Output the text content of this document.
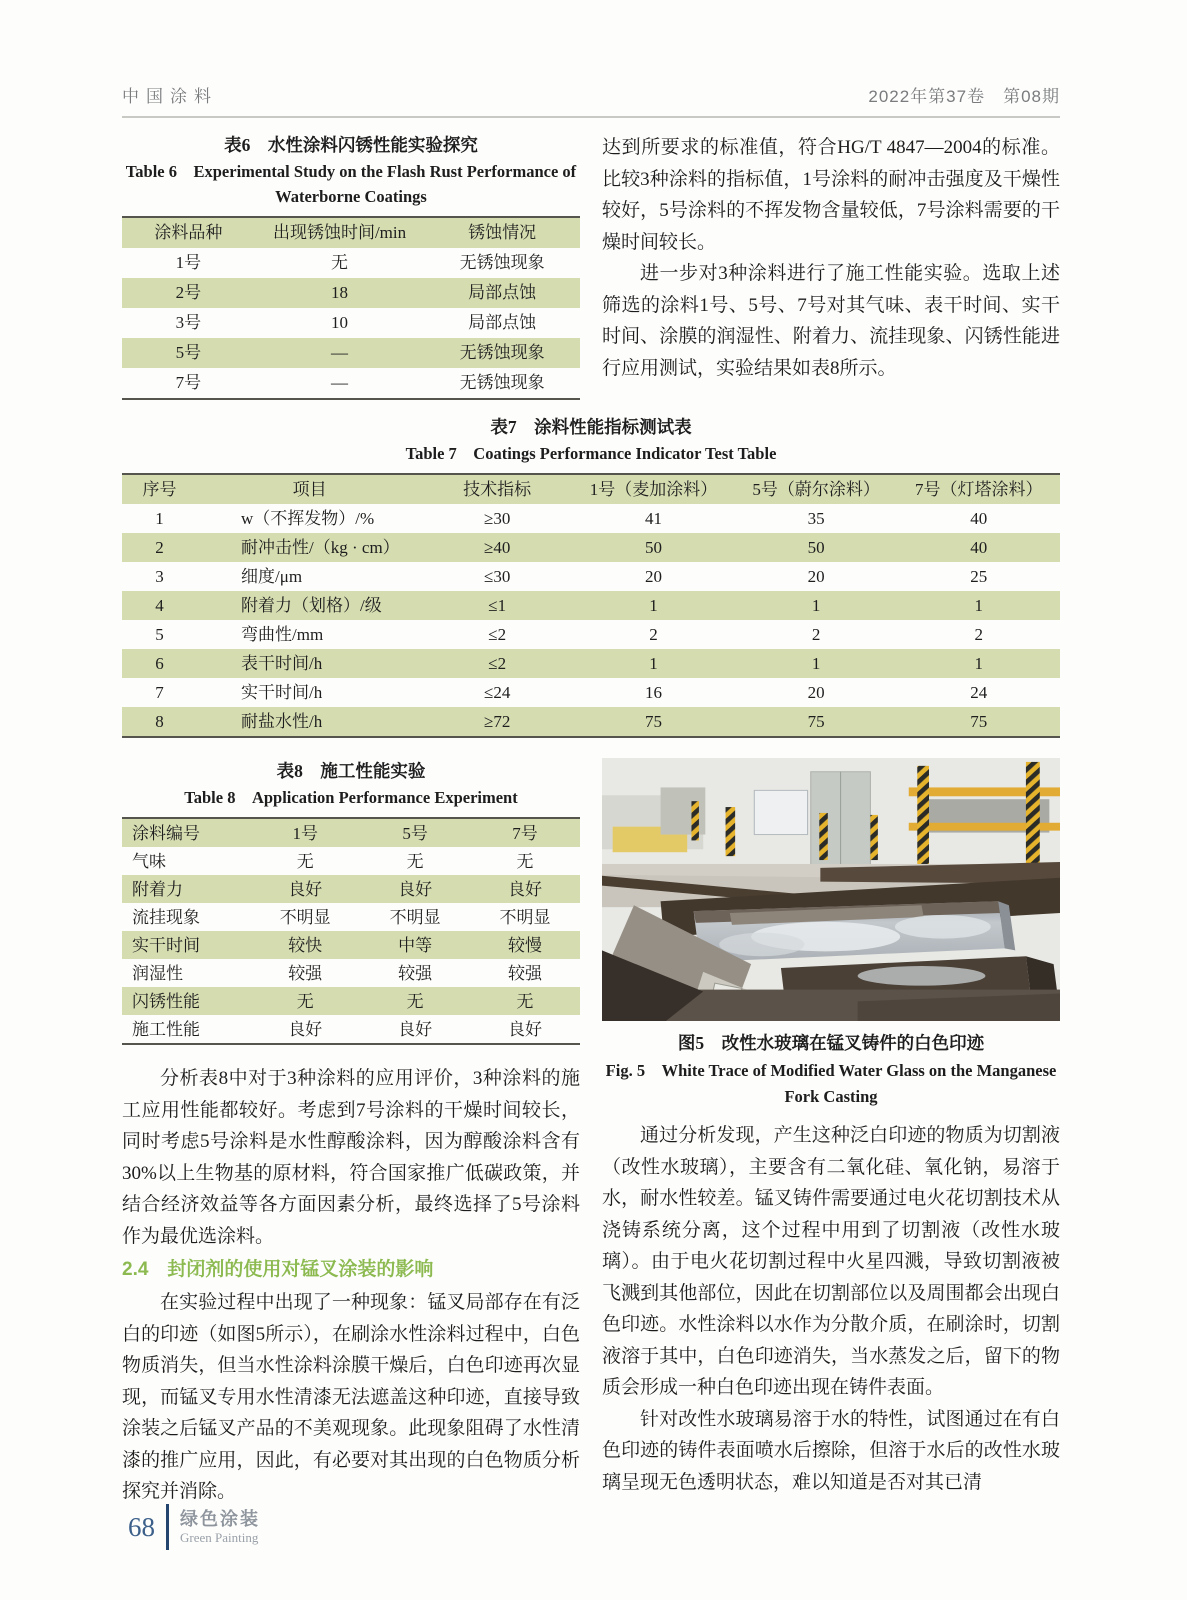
中国涂料	2022年第37卷　第08期
表6　水性涂料闪锈性能实验探究
Table 6　Experimental Study on the Flash Rust Performance of Waterborne Coatings
涂料品种	出现锈蚀时间/min	锈蚀情况
1号	无	无锈蚀现象
2号	18	局部点蚀
3号	10	局部点蚀
5号	—	无锈蚀现象
7号	—	无锈蚀现象

达到所要求的标准值，符合HG/T 4847—2004的标准。比较3种涂料的指标值，1号涂料的耐冲击强度及干燥性较好，5号涂料的不挥发物含量较低，7号涂料需要的干燥时间较长。

进一步对3种涂料进行了施工性能实验。选取上述筛选的涂料1号、5号、7号对其气味、表干时间、实干时间、涂膜的润湿性、附着力、流挂现象、闪锈性能进行应用测试，实验结果如表8所示。

表7　涂料性能指标测试表
Table 7　Coatings Performance Indicator Test Table
序号	项目	技术指标	1号（麦加涂料）	5号（蔚尔涂料）	7号（灯塔涂料）
1	w（不挥发物）/%	≥30	41	35	40
2	耐冲击性/（kg · cm）	≥40	50	50	40
3	细度/μm	≤30	20	20	25
4	附着力（划格）/级	≤1	1	1	1
5	弯曲性/mm	≤2	2	2	2
6	表干时间/h	≤2	1	1	1
7	实干时间/h	≤24	16	20	24
8	耐盐水性/h	≥72	75	75	75
表8　施工性能实验
Table 8　Application Performance Experiment
涂料编号	1号	5号	7号
气味	无	无	无
附着力	良好	良好	良好
流挂现象	不明显	不明显	不明显
实干时间	较快	中等	较慢
润湿性	较强	较强	较强
闪锈性能	无	无	无
施工性能	良好	良好	良好

分析表8中对于3种涂料的应用评价，3种涂料的施工应用性能都较好。考虑到7号涂料的干燥时间较长，同时考虑5号涂料是水性醇酸涂料，因为醇酸涂料含有30%以上生物基的原材料，符合国家推广低碳政策，并结合经济效益等各方面因素分析，最终选择了5号涂料作为最优选涂料。

2.4　封闭剂的使用对锰叉涂装的影响

在实验过程中出现了一种现象：锰叉局部存在有泛白的印迹（如图5所示），在刷涂水性涂料过程中，白色物质消失，但当水性涂料涂膜干燥后，白色印迹再次显现，而锰叉专用水性清漆无法遮盖这种印迹，直接导致涂装之后锰叉产品的不美观现象。此现象阻碍了水性清漆的推广应用，因此，有必要对其出现的白色物质分析探究并消除。

图5　改性水玻璃在锰叉铸件的白色印迹
Fig. 5　White Trace of Modified Water Glass on the Manganese Fork Casting

通过分析发现，产生这种泛白印迹的物质为切割液（改性水玻璃），主要含有二氧化硅、氧化钠，易溶于水，耐水性较差。锰叉铸件需要通过电火花切割技术从浇铸系统分离，这个过程中用到了切割液（改性水玻璃）。由于电火花切割过程中火星四溅，导致切割液被飞溅到其他部位，因此在切割部位以及周围都会出现白色印迹。水性涂料以水作为分散介质，在刷涂时，切割液溶于其中，白色印迹消失，当水蒸发之后，留下的物质会形成一种白色印迹出现在铸件表面。

针对改性水玻璃易溶于水的特性，试图通过在有白色印迹的铸件表面喷水后擦除，但溶于水后的改性水玻璃呈现无色透明状态，难以知道是否对其已清

68 绿色涂装
Green Painting
